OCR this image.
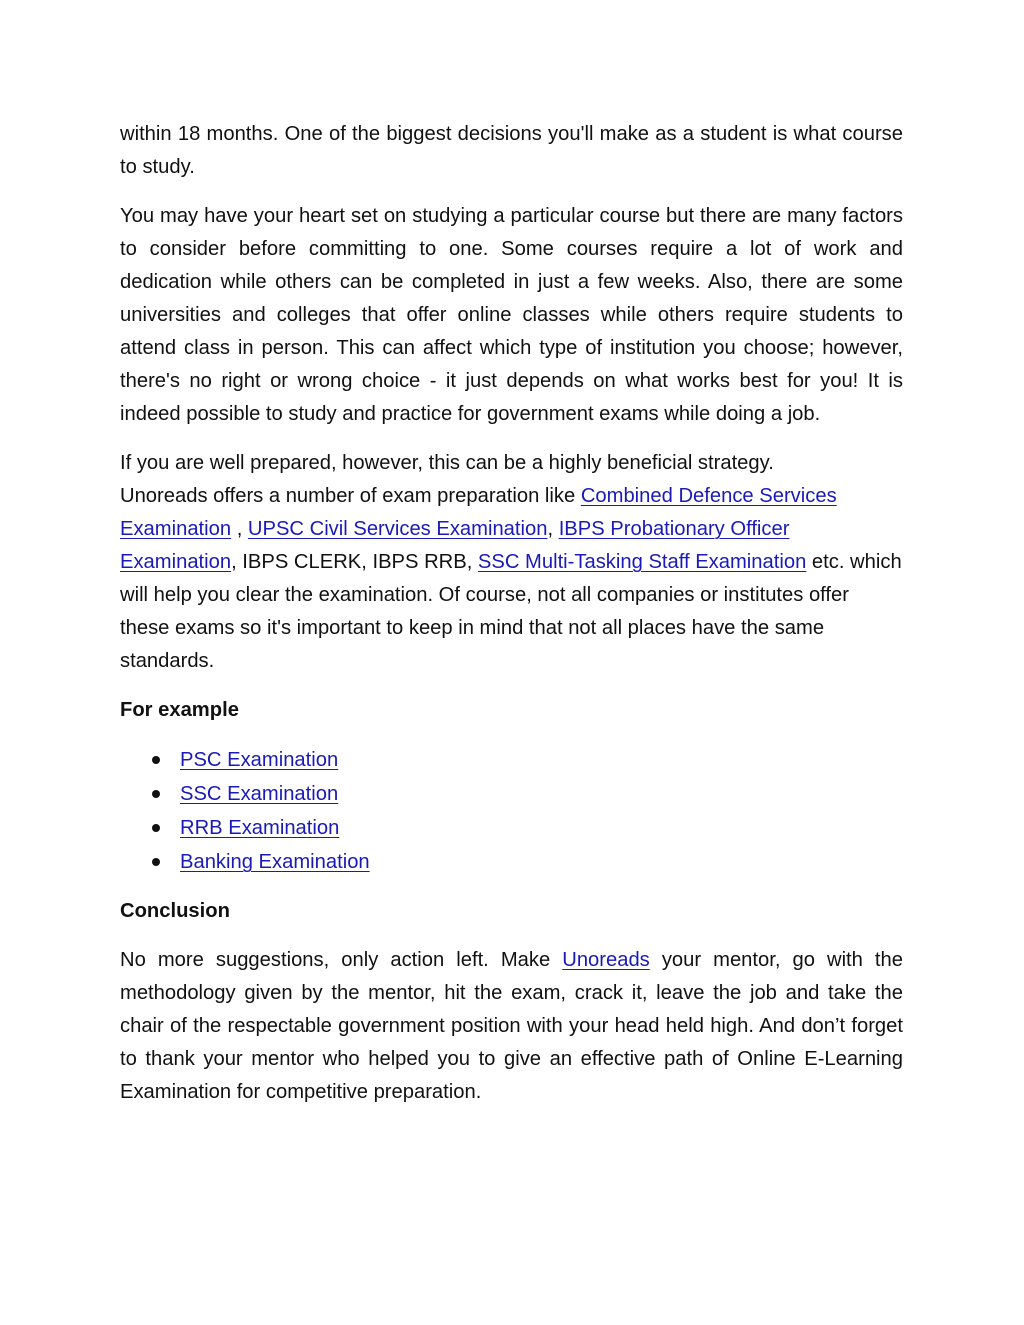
within 18 months. One of the biggest decisions you'll make as a student is what course to study.

You may have your heart set on studying a particular course but there are many factors to consider before committing to one. Some courses require a lot of work and dedication while others can be completed in just a few weeks. Also, there are some universities and colleges that offer online classes while others require students to attend class in person. This can affect which type of institution you choose; however, there's no right or wrong choice - it just depends on what works best for you! It is indeed possible to study and practice for government exams while doing a job.

If you are well prepared, however, this can be a highly beneficial strategy.
Unoreads offers a number of exam preparation like Combined Defence Services Examination , UPSC Civil Services Examination, IBPS Probationary Officer Examination, IBPS CLERK, IBPS RRB, SSC Multi-Tasking Staff Examination etc. which will help you clear the examination. Of course, not all companies or institutes offer these exams so it's important to keep in mind that not all places have the same standards.

For example
PSC Examination
SSC Examination
RRB Examination
Banking Examination
Conclusion

No more suggestions, only action left. Make Unoreads your mentor, go with the methodology given by the mentor, hit the exam, crack it, leave the job and take the chair of the respectable government position with your head held high. And don’t forget to thank your mentor who helped you to give an effective path of Online E-Learning Examination for competitive preparation.
